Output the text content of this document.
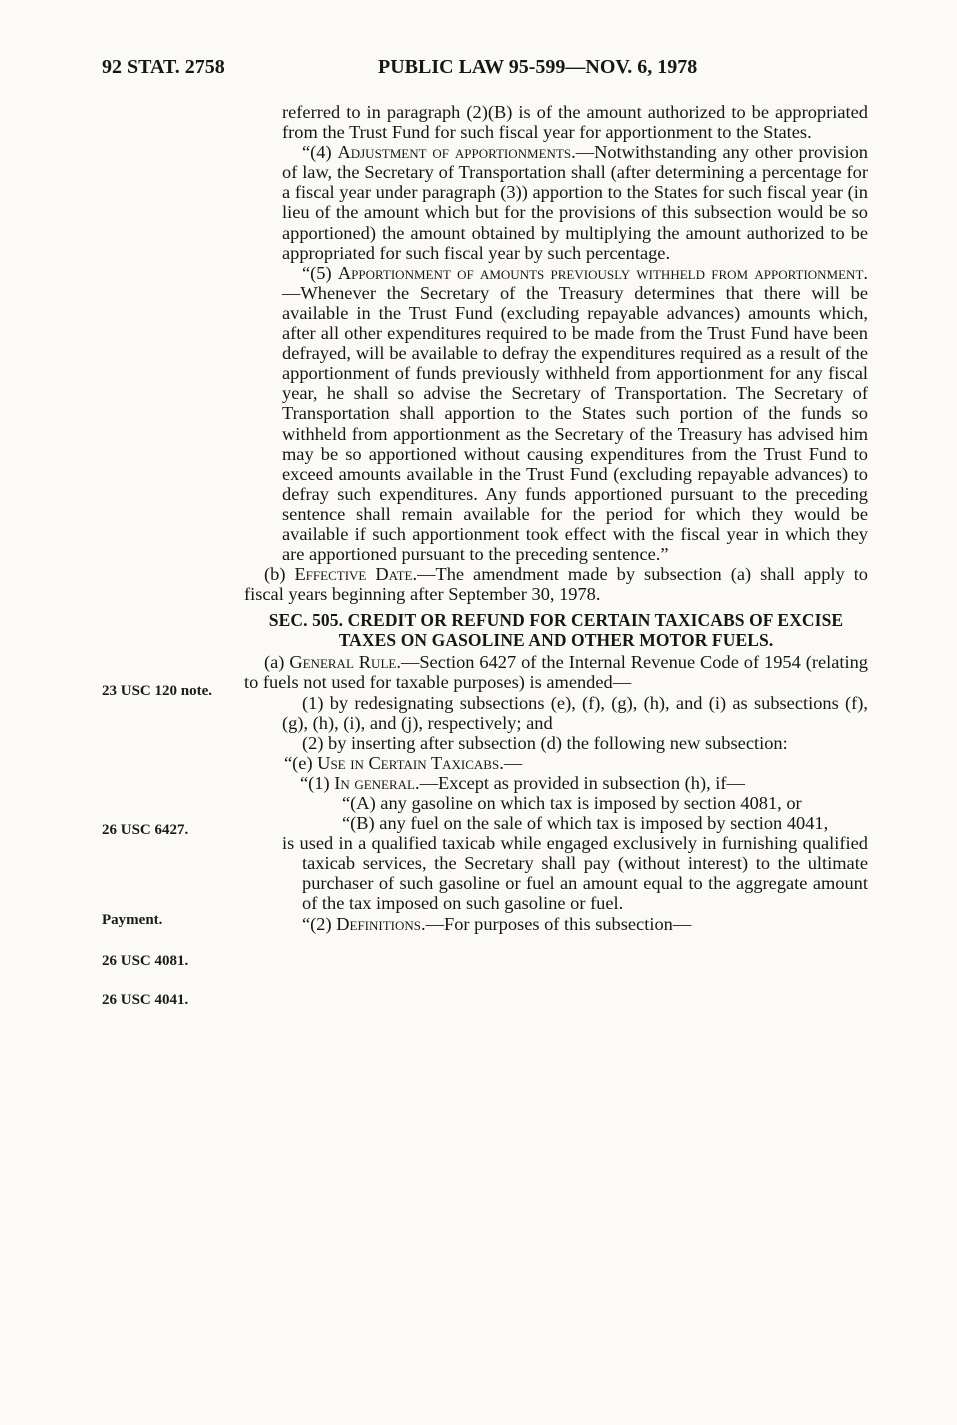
92 STAT. 2758	PUBLIC LAW 95-599—NOV. 6, 1978
23 USC 120 note.
26 USC 6427.
Payment.
26 USC 4081.
26 USC 4041.

referred to in paragraph (2)(B) is of the amount authorized to be appropriated from the Trust Fund for such fiscal year for apportionment to the States.

“(4) Adjustment of apportionments.—Notwithstanding any other provision of law, the Secretary of Transportation shall (after determining a percentage for a fiscal year under paragraph (3)) apportion to the States for such fiscal year (in lieu of the amount which but for the provisions of this subsection would be so apportioned) the amount obtained by multiplying the amount authorized to be appropriated for such fiscal year by such percentage.

“(5) Apportionment of amounts previously withheld from apportionment.—Whenever the Secretary of the Treasury determines that there will be available in the Trust Fund (excluding repayable advances) amounts which, after all other expenditures required to be made from the Trust Fund have been defrayed, will be available to defray the expenditures required as a result of the apportionment of funds previously withheld from apportionment for any fiscal year, he shall so advise the Secretary of Transportation. The Secretary of Transportation shall apportion to the States such portion of the funds so withheld from apportionment as the Secretary of the Treasury has advised him may be so apportioned without causing expenditures from the Trust Fund to exceed amounts available in the Trust Fund (excluding repayable advances) to defray such expenditures. Any funds apportioned pursuant to the preceding sentence shall remain available for the period for which they would be available if such apportionment took effect with the fiscal year in which they are apportioned pursuant to the preceding sentence.”

(b) Effective Date.—The amendment made by subsection (a) shall apply to fiscal years beginning after September 30, 1978.

SEC. 505. CREDIT OR REFUND FOR CERTAIN TAXICABS OF EXCISE TAXES ON GASOLINE AND OTHER MOTOR FUELS.

(a) General Rule.—Section 6427 of the Internal Revenue Code of 1954 (relating to fuels not used for taxable purposes) is amended—

(1) by redesignating subsections (e), (f), (g), (h), and (i) as subsections (f), (g), (h), (i), and (j), respectively; and

(2) by inserting after subsection (d) the following new subsection:

“(e) Use in Certain Taxicabs.—

“(1) In general.—Except as provided in subsection (h), if—

“(A) any gasoline on which tax is imposed by section 4081, or

“(B) any fuel on the sale of which tax is imposed by section 4041,

is used in a qualified taxicab while engaged exclusively in furnishing qualified taxicab services, the Secretary shall pay (without interest) to the ultimate purchaser of such gasoline or fuel an amount equal to the aggregate amount of the tax imposed on such gasoline or fuel.

“(2) Definitions.—For purposes of this subsection—
